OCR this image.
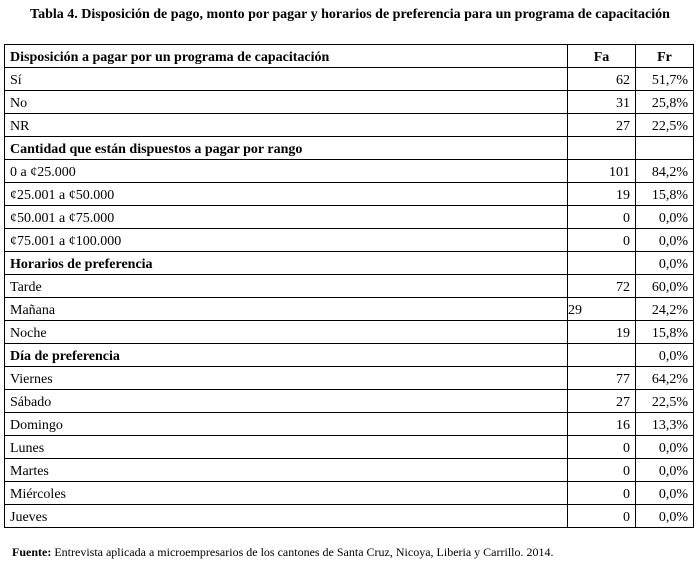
Tabla 4. Disposición de pago, monto por pagar y horarios de preferencia para un programa de capacitación
Disposición a pagar por un programa de capacitación	Fa	Fr
Sí	62	51,7%
No	31	25,8%
NR	27	22,5%
Cantidad que están dispuestos a pagar por rango		
0 a ¢25.000	101	84,2%
¢25.001 a ¢50.000	19	15,8%
¢50.001 a ¢75.000	0	0,0%
¢75.001 a ¢100.000	0	0,0%
Horarios de preferencia		0,0%
Tarde	72	60,0%
Mañana	29	24,2%
Noche	19	15,8%
Día de preferencia		0,0%
Viernes	77	64,2%
Sábado	27	22,5%
Domingo	16	13,3%
Lunes	0	0,0%
Martes	0	0,0%
Miércoles	0	0,0%
Jueves	0	0,0%
Fuente: Entrevista aplicada a microempresarios de los cantones de Santa Cruz, Nicoya, Liberia y Carrillo. 2014.
